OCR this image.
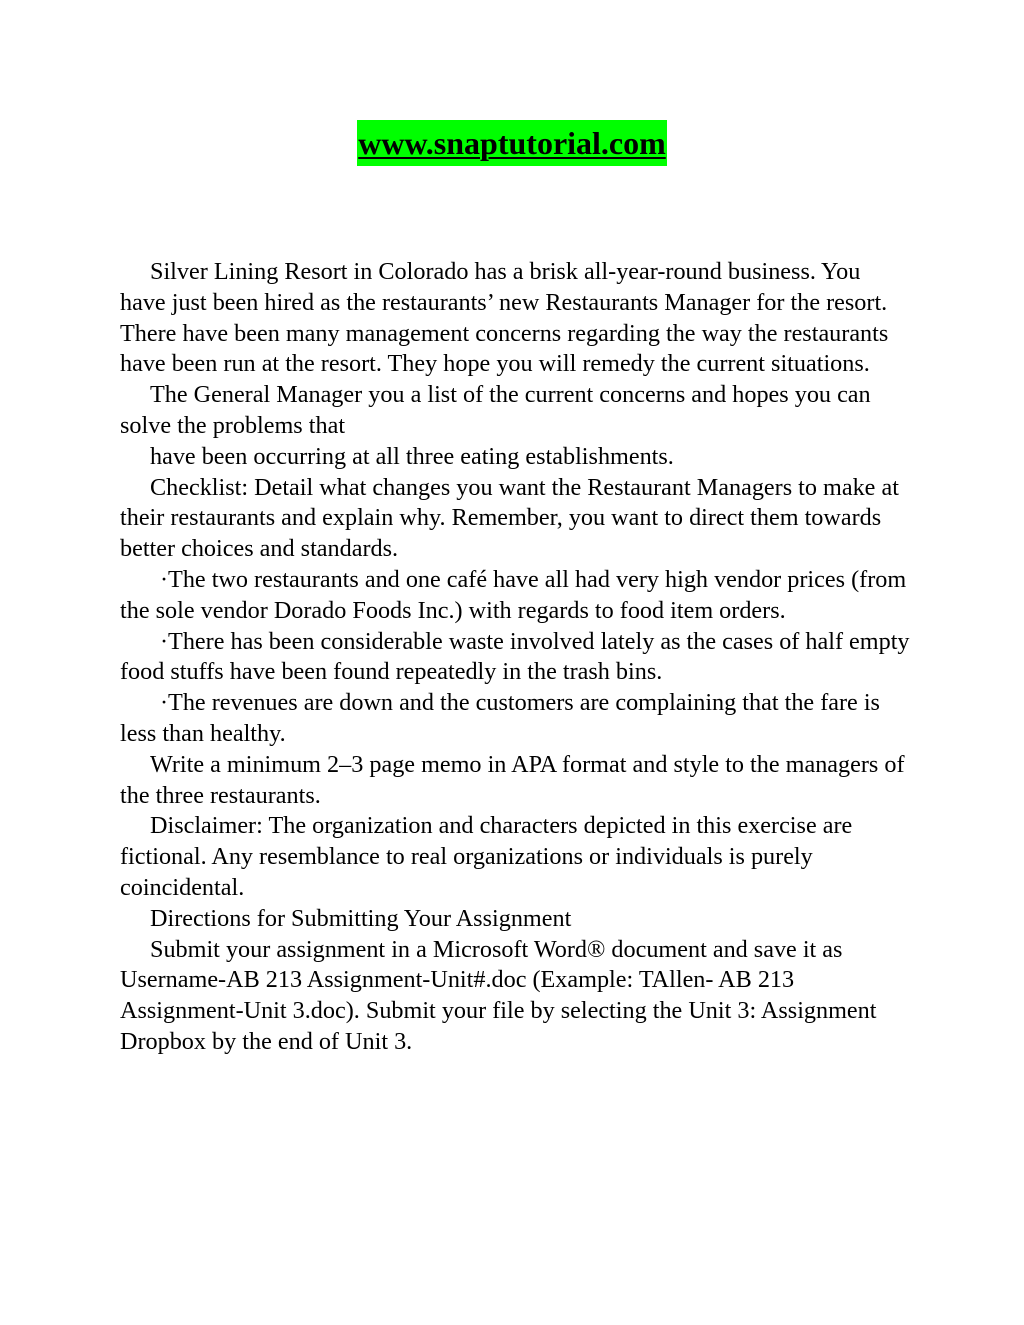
www.snaptutorial.com

Silver Lining Resort in Colorado has a brisk all-year-round business. You have just been hired as the restaurants’ new Restaurants Manager for the resort. There have been many management concerns regarding the way the restaurants have been run at the resort. They hope you will remedy the current situations.

The General Manager you a list of the current concerns and hopes you can solve the problems that

have been occurring at all three eating establishments.

Checklist: Detail what changes you want the Restaurant Managers to make at their restaurants and explain why. Remember, you want to direct them towards better choices and standards.

·The two restaurants and one café have all had very high vendor prices (from the sole vendor Dorado Foods Inc.) with regards to food item orders.

·There has been considerable waste involved lately as the cases of half empty food stuffs have been found repeatedly in the trash bins.

·The revenues are down and the customers are complaining that the fare is less than healthy.

Write a minimum 2–3 page memo in APA format and style to the managers of the three restaurants.

Disclaimer: The organization and characters depicted in this exercise are fictional. Any resemblance to real organizations or individuals is purely coincidental.

Directions for Submitting Your Assignment

Submit your assignment in a Microsoft Word® document and save it as Username-AB 213 Assignment-Unit#.doc (Example: TAllen- AB 213 Assignment-Unit 3.doc). Submit your file by selecting the Unit 3: Assignment Dropbox by the end of Unit 3.
